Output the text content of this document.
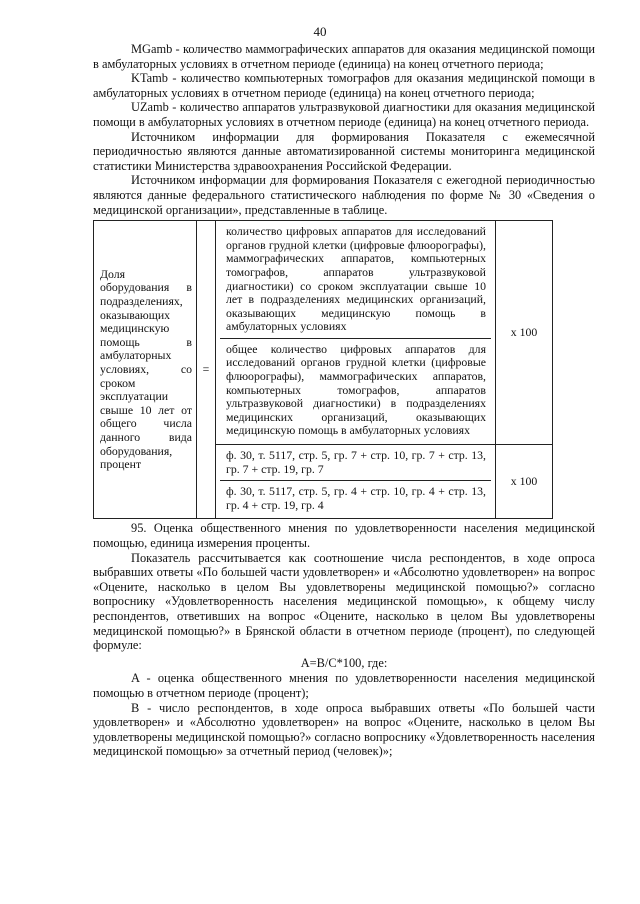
40

MGamb - количество маммографических аппаратов для оказания медицинской помощи в амбулаторных условиях в отчетном периоде (единица) на конец отчетного периода;

KTamb - количество компьютерных томографов для оказания медицинской помощи в амбулаторных условиях в отчетном периоде (единица) на конец отчетного периода;

UZamb - количество аппаратов ультразвуковой диагностики для оказания медицинской помощи в амбулаторных условиях в отчетном периоде (единица) на конец отчетного периода.

Источником информации для формирования Показателя с ежемесячной периодичностью являются данные автоматизированной системы мониторинга медицинской статистики Министерства здравоохранения Российской Федерации.

Источником информации для формирования Показателя с ежегодной периодичностью являются данные федерального статистического наблюдения по форме № 30 «Сведения о медицинской организации», представленные в таблице.

Доля оборудования в подразделениях, оказывающих медицинскую помощь в амбулаторных условиях, со сроком эксплуатации свыше 10 лет от общего числа данного вида оборудования, процент	=	количество цифровых аппаратов для исследований органов грудной клетки (цифровые флюорографы), маммографических аппаратов, компьютерных томографов, аппаратов ультразвуковой диагностики) со сроком эксплуатации свыше 10 лет в подразделениях медицинских организаций, оказывающих медицинскую помощь в амбулаторных условиях
общее количество цифровых аппаратов для исследований органов грудной клетки (цифровые флюорографы), маммографических аппаратов, компьютерных томографов, аппаратов ультразвуковой диагностики) в подразделениях медицинских организаций, оказывающих медицинскую помощь в амбулаторных условиях	x 100

		ф. 30, т. 5117, стр. 5, гр. 7 + стр. 10, гр. 7 + стр. 13, гр. 7 + стр. 19, гр. 7
ф. 30, т. 5117, стр. 5, гр. 4 + стр. 10, гр. 4 + стр. 13, гр. 4 + стр. 19, гр. 4	x 100

95. Оценка общественного мнения по удовлетворенности населения медицинской помощью, единица измерения проценты.

Показатель рассчитывается как соотношение числа респондентов, в ходе опроса выбравших ответы «По большей части удовлетворен» и «Абсолютно удовлетворен» на вопрос «Оцените, насколько в целом Вы удовлетворены медицинской помощью?» согласно вопроснику «Удовлетворенность населения медицинской помощью», к общему числу респондентов, ответивших на вопрос «Оцените, насколько в целом Вы удовлетворены медицинской помощью?» в Брянской области в отчетном периоде (процент), по следующей формуле:

A=B/C*100, где:

A - оценка общественного мнения по удовлетворенности населения медицинской помощью в отчетном периоде (процент);

B - число респондентов, в ходе опроса выбравших ответы «По большей части удовлетворен» и «Абсолютно удовлетворен» на вопрос «Оцените, насколько в целом Вы удовлетворены медицинской помощью?» согласно вопроснику «Удовлетворенность населения медицинской помощью» за отчетный период (человек)»;
